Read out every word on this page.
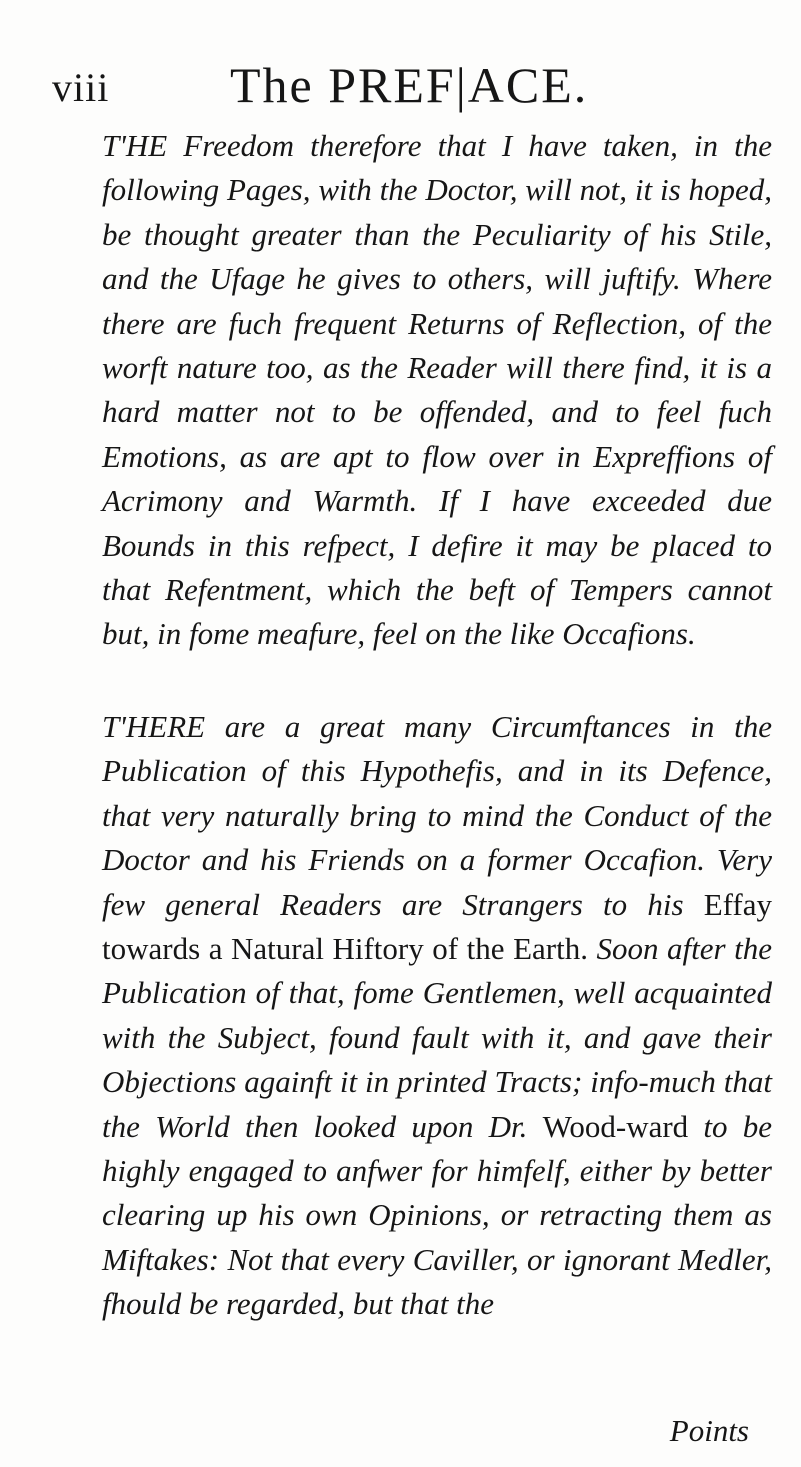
viii The PREF|ACE.

T'HE Freedom therefore that I have taken, in the following Pages, with the Doctor, will not, it is hoped, be thought greater than the Peculiarity of his Stile, and the Ufage he gives to others, will juftify. Where there are fuch frequent Returns of Reflection, of the worft nature too, as the Reader will there find, it is a hard matter not to be offended, and to feel fuch Emotions, as are apt to flow over in Expreffions of Acrimony and Warmth. If I have exceeded due Bounds in this refpect, I defire it may be placed to that Refentment, which the beft of Tempers cannot but, in fome meafure, feel on the like Occafions.

T'HERE are a great many Circumftances in the Publication of this Hypothefis, and in its Defence, that very naturally bring to mind the Conduct of the Doctor and his Friends on a former Occafion. Very few general Readers are Strangers to his Effay towards a Natural Hiftory of the Earth. Soon after the Publication of that, fome Gentlemen, well acquainted with the Subject, found fault with it, and gave their Objections againft it in printed Tracts; info-much that the World then looked upon Dr. Wood-ward to be highly engaged to anfwer for himfelf, either by better clearing up his own Opinions, or retracting them as Miftakes: Not that every Caviller, or ignorant Medler, fhould be regarded, but that the

Points
